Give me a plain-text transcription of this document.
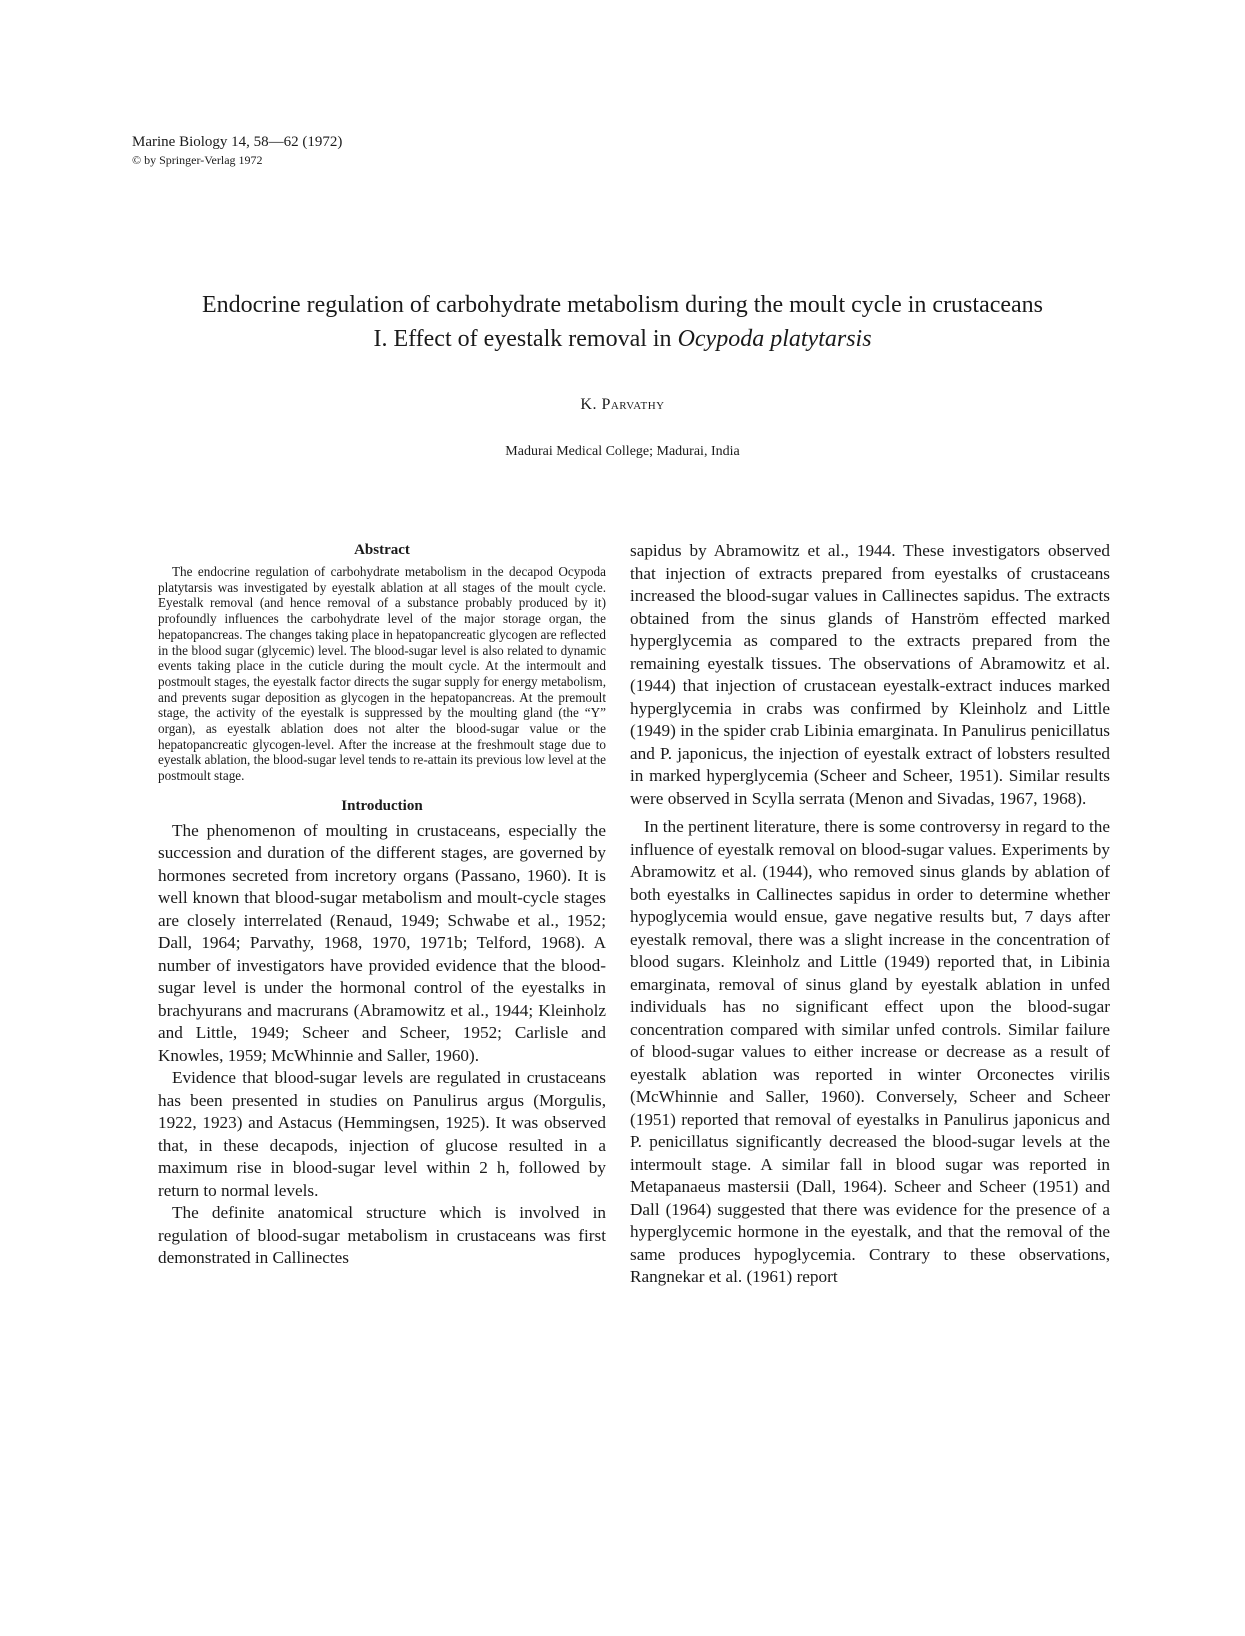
Marine Biology 14, 58—62 (1972)
© by Springer-Verlag 1972
Endocrine regulation of carbohydrate metabolism during the moult cycle in crustaceans
I. Effect of eyestalk removal in Ocypoda platytarsis
K. Parvathy
Madurai Medical College; Madurai, India
Abstract

The endocrine regulation of carbohydrate metabolism in the decapod Ocypoda platytarsis was investigated by eyestalk ablation at all stages of the moult cycle. Eyestalk removal (and hence removal of a substance probably produced by it) profoundly influences the carbohydrate level of the major storage organ, the hepatopancreas. The changes taking place in hepatopancreatic glycogen are reflected in the blood sugar (glycemic) level. The blood-sugar level is also related to dynamic events taking place in the cuticle during the moult cycle. At the intermoult and postmoult stages, the eyestalk factor directs the sugar supply for energy metabolism, and prevents sugar deposition as glycogen in the hepatopancreas. At the premoult stage, the activity of the eyestalk is suppressed by the moulting gland (the “Y” organ), as eyestalk ablation does not alter the blood-sugar value or the hepatopancreatic glycogen-level. After the increase at the freshmoult stage due to eyestalk ablation, the blood-sugar level tends to re-attain its previous low level at the postmoult stage.

Introduction

The phenomenon of moulting in crustaceans, especially the succession and duration of the different stages, are governed by hormones secreted from incretory organs (Passano, 1960). It is well known that blood-sugar metabolism and moult-cycle stages are closely interrelated (Renaud, 1949; Schwabe et al., 1952; Dall, 1964; Parvathy, 1968, 1970, 1971b; Telford, 1968). A number of investigators have provided evidence that the blood-sugar level is under the hormonal control of the eyestalks in brachyurans and macrurans (Abramowitz et al., 1944; Kleinholz and Little, 1949; Scheer and Scheer, 1952; Carlisle and Knowles, 1959; McWhinnie and Saller, 1960).

Evidence that blood-sugar levels are regulated in crustaceans has been presented in studies on Panulirus argus (Morgulis, 1922, 1923) and Astacus (Hemmingsen, 1925). It was observed that, in these decapods, injection of glucose resulted in a maximum rise in blood-sugar level within 2 h, followed by return to normal levels.

The definite anatomical structure which is involved in regulation of blood-sugar metabolism in crustaceans was first demonstrated in Callinectes

sapidus by Abramowitz et al., 1944. These investigators observed that injection of extracts prepared from eyestalks of crustaceans increased the blood-sugar values in Callinectes sapidus. The extracts obtained from the sinus glands of Hanström effected marked hyperglycemia as compared to the extracts prepared from the remaining eyestalk tissues. The observations of Abramowitz et al. (1944) that injection of crustacean eyestalk-extract induces marked hyperglycemia in crabs was confirmed by Kleinholz and Little (1949) in the spider crab Libinia emarginata. In Panulirus penicillatus and P. japonicus, the injection of eyestalk extract of lobsters resulted in marked hyperglycemia (Scheer and Scheer, 1951). Similar results were observed in Scylla serrata (Menon and Sivadas, 1967, 1968).

In the pertinent literature, there is some controversy in regard to the influence of eyestalk removal on blood-sugar values. Experiments by Abramowitz et al. (1944), who removed sinus glands by ablation of both eyestalks in Callinectes sapidus in order to determine whether hypoglycemia would ensue, gave negative results but, 7 days after eyestalk removal, there was a slight increase in the concentration of blood sugars. Kleinholz and Little (1949) reported that, in Libinia emarginata, removal of sinus gland by eyestalk ablation in unfed individuals has no significant effect upon the blood-sugar concentration compared with similar unfed controls. Similar failure of blood-sugar values to either increase or decrease as a result of eyestalk ablation was reported in winter Orconectes virilis (McWhinnie and Saller, 1960). Conversely, Scheer and Scheer (1951) reported that removal of eyestalks in Panulirus japonicus and P. penicillatus significantly decreased the blood-sugar levels at the intermoult stage. A similar fall in blood sugar was reported in Metapanaeus mastersii (Dall, 1964). Scheer and Scheer (1951) and Dall (1964) suggested that there was evidence for the presence of a hyperglycemic hormone in the eyestalk, and that the removal of the same produces hypoglycemia. Contrary to these observations, Rangnekar et al. (1961) report
